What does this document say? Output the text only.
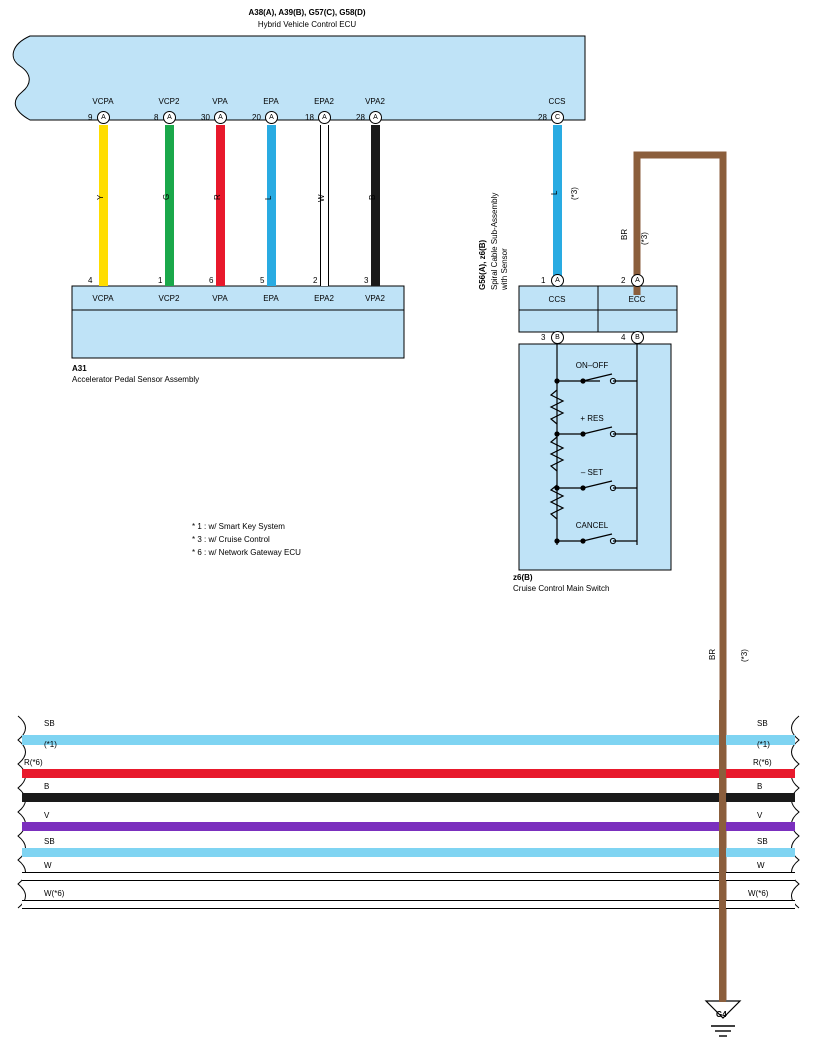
A38(A), A39(B), G57(C), G58(D)
Hybrid Vehicle Control ECU
VCPA
9	A
VCP2
8	A
VPA
30	A
EPA
20	A
EPA2
18	A
VPA2
28	A
CCS
28	C
Y	G	R	L	W	B
L (*3)
BR (*3)
BR	(*3)
4
VCPA
1
VCP2
6
VPA
5
EPA
2
EPA2
3
VPA2
A31
Accelerator Pedal Sensor Assembly
G56(A), z6(B) Spiral Cable Sub-Assembly with Sensor	1	A
CCS
2	A
ECC
3	B	4	B
ON–OFF
+ RES
– SET
CANCEL
z6(B)
Cruise Control Main Switch
* 1 : w/ Smart Key System
* 3 : w/ Cruise Control
* 6 : w/ Network Gateway ECU
SB
(*1)
SB
(*1)
R(*6)	R(*6)
B	B
V	V
SB	SB
W	W
W(*6)	W(*6)
G4
